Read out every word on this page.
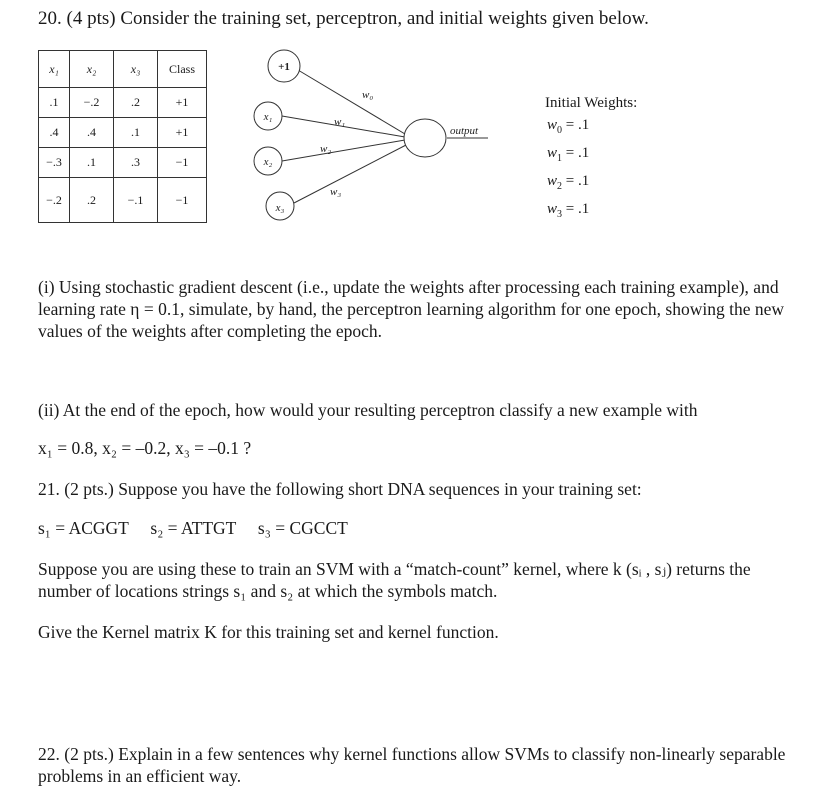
20. (4 pts) Consider the training set, perceptron, and initial weights given below.
x₁	x₂	x₃	Class
.1	−.2	.2	+1
.4	.4	.1	+1
−.3	.1	.3	−1
−.2	.2	−.1	−1
+1
x₁
x₂
x₃
w₀
w₁
w₂
w₃
output
Initial Weights:
$w_0 = .1$
$w_1 = .1$
$w_2 = .1$
$w_3 = .1$
(i) Using stochastic gradient descent (i.e., update the weights after processing each training example), and learning rate η = 0.1, simulate, by hand, the perceptron learning algorithm for one epoch, showing the new values of the weights after completing the epoch.
(ii) At the end of the epoch, how would your resulting perceptron classify a new example with
x₁ = 0.8, x₂ = –0.2, x₃ = –0.1 ?
21. (2 pts.) Suppose you have the following short DNA sequences in your training set:
s₁ = ACGGT     s₂ = ATTGT     s₃ = CGCCT
Suppose you are using these to train an SVM with a “match-count” kernel, where k (sᵢ , sⱼ) returns the number of locations strings s₁ and s₂ at which the symbols match.
Give the Kernel matrix K for this training set and kernel function.
22. (2 pts.) Explain in a few sentences why kernel functions allow SVMs to classify non-linearly separable problems in an efficient way.
